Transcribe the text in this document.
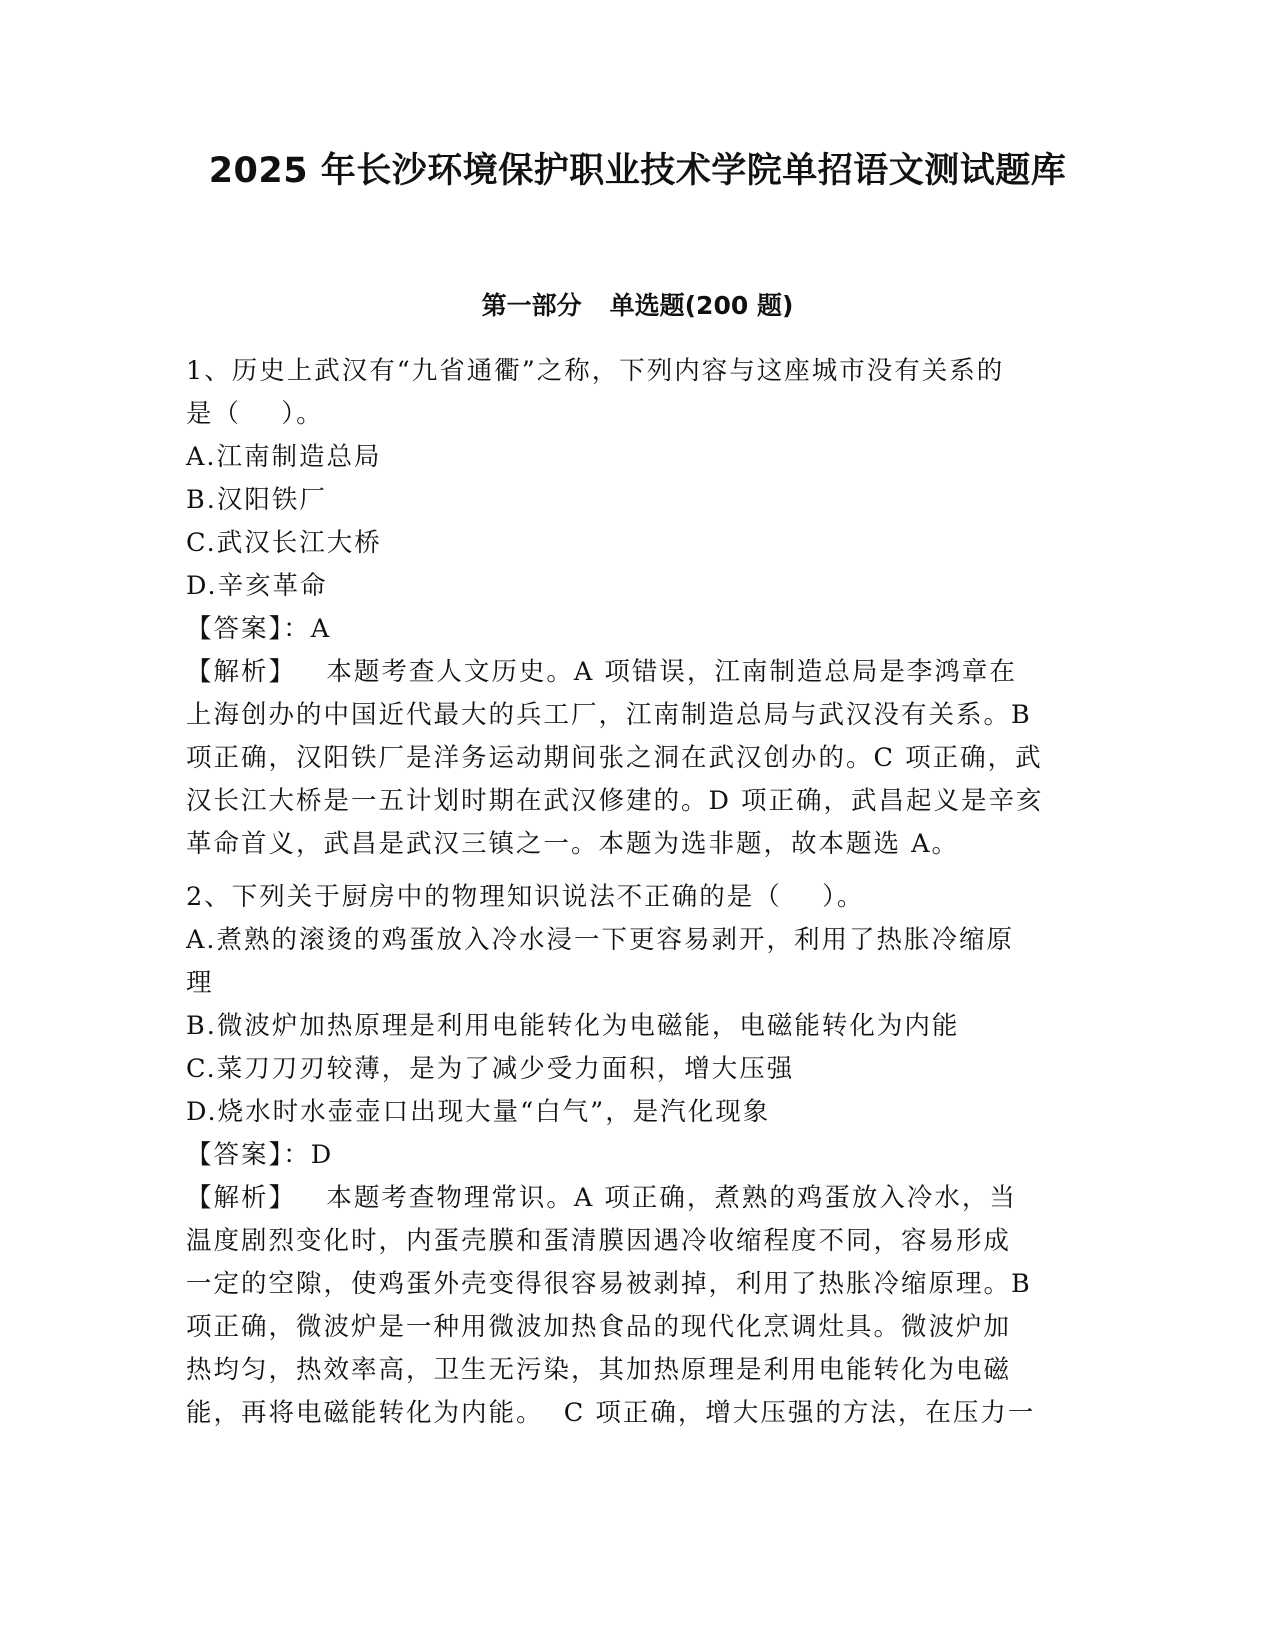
2025 年长沙环境保护职业技术学院单招语文测试题库
第一部分 单选题(200 题)
1、历史上武汉有“九省通衢”之称，下列内容与这座城市没有关系的
是（    ）。
A.江南制造总局
B.汉阳铁厂
C.武汉长江大桥
D.辛亥革命
【答案】：A
【解析】   本题考查人文历史。A 项错误，江南制造总局是李鸿章在
上海创办的中国近代最大的兵工厂，江南制造总局与武汉没有关系。B
项正确，汉阳铁厂是洋务运动期间张之洞在武汉创办的。C 项正确，武
汉长江大桥是一五计划时期在武汉修建的。D 项正确，武昌起义是辛亥
革命首义，武昌是武汉三镇之一。本题为选非题，故本题选 A。
2、下列关于厨房中的物理知识说法不正确的是（    ）。
A.煮熟的滚烫的鸡蛋放入冷水浸一下更容易剥开，利用了热胀冷缩原
理
B.微波炉加热原理是利用电能转化为电磁能，电磁能转化为内能
C.菜刀刀刃较薄，是为了减少受力面积，增大压强
D.烧水时水壶壶口出现大量“白气”，是汽化现象
【答案】：D
【解析】   本题考查物理常识。A 项正确，煮熟的鸡蛋放入冷水，当
温度剧烈变化时，内蛋壳膜和蛋清膜因遇冷收缩程度不同，容易形成
一定的空隙，使鸡蛋外壳变得很容易被剥掉，利用了热胀冷缩原理。B
项正确，微波炉是一种用微波加热食品的现代化烹调灶具。微波炉加
热均匀，热效率高，卫生无污染，其加热原理是利用电能转化为电磁
能，再将电磁能转化为内能。  C 项正确，增大压强的方法，在压力一
